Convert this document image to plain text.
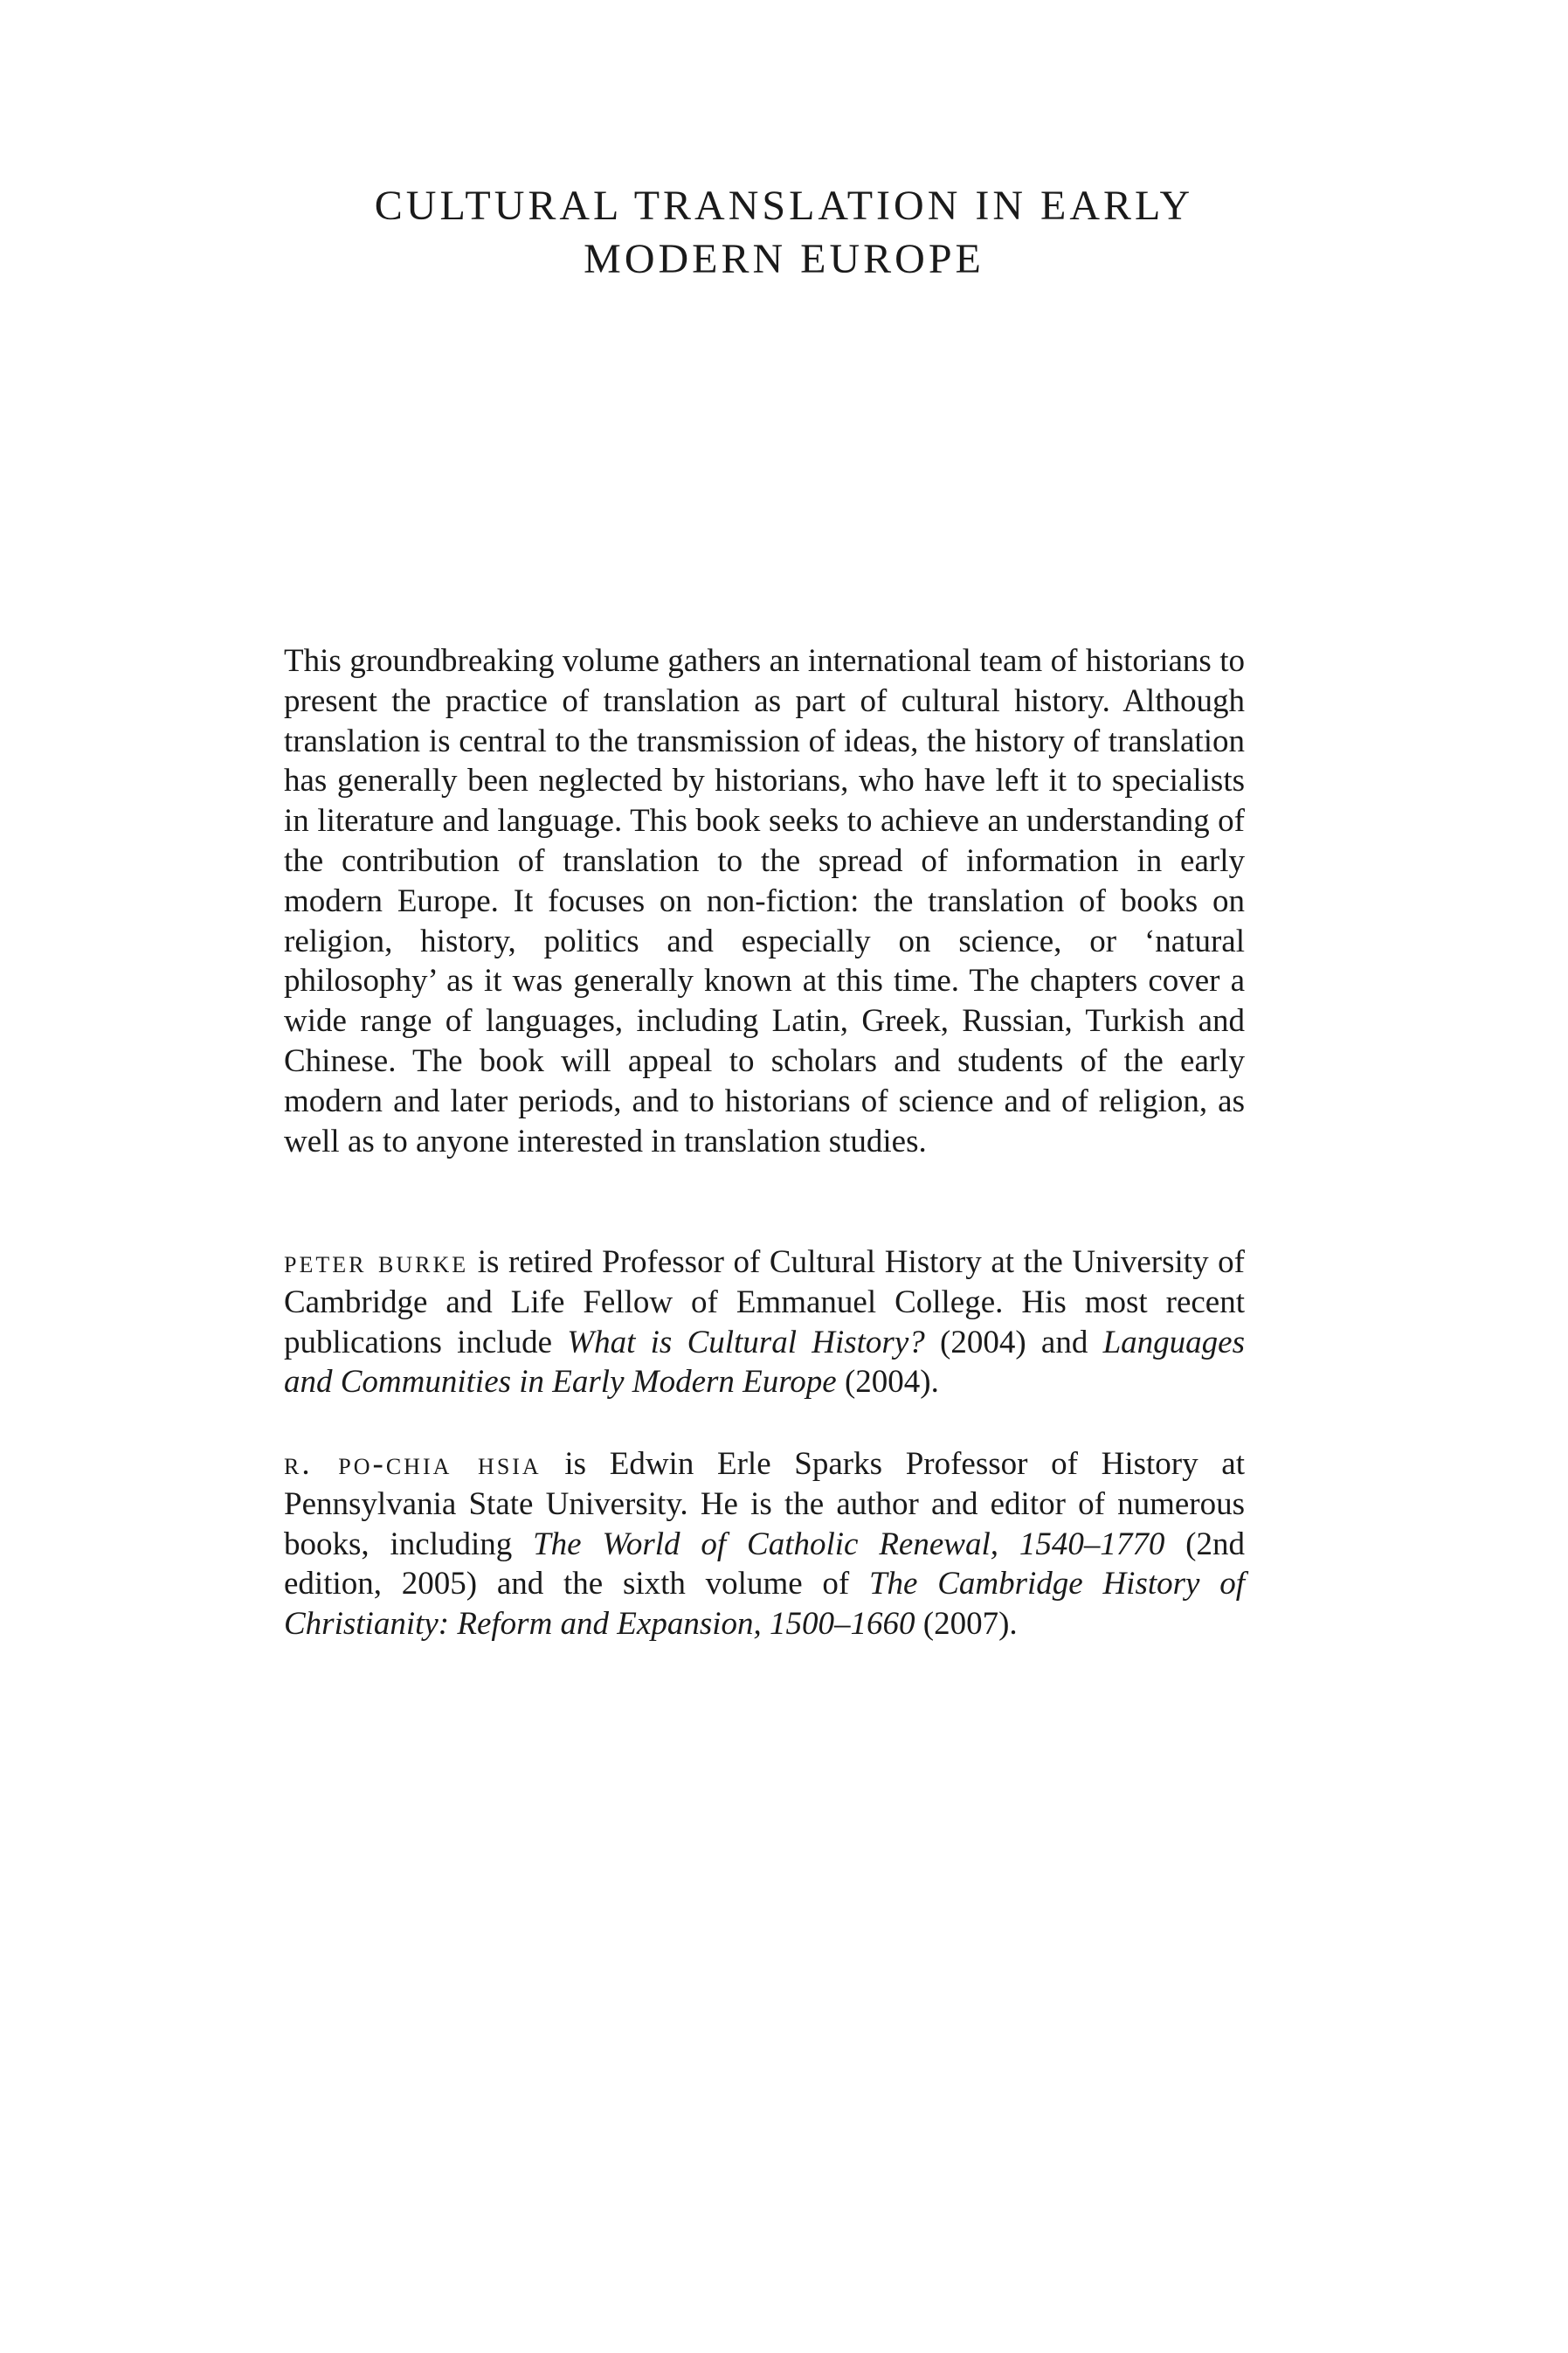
CULTURAL TRANSLATION IN EARLY
MODERN EUROPE

This groundbreaking volume gathers an international team of historians to present the practice of translation as part of cultural history. Although translation is central to the transmission of ideas, the history of translation has generally been neglected by historians, who have left it to specialists in literature and language. This book seeks to achieve an understanding of the contribution of translation to the spread of information in early modern Europe. It focuses on non-fiction: the translation of books on religion, history, politics and especially on science, or ‘natural philosophy’ as it was generally known at this time. The chapters cover a wide range of languages, including Latin, Greek, Russian, Turkish and Chinese. The book will appeal to scholars and students of the early modern and later periods, and to historians of science and of religion, as well as to anyone interested in translation studies.

peter burke is retired Professor of Cultural History at the University of Cambridge and Life Fellow of Emmanuel College. His most recent publications include What is Cultural History? (2004) and Languages and Communities in Early Modern Europe (2004).

r. po-chia hsia is Edwin Erle Sparks Professor of History at Pennsylvania State University. He is the author and editor of numerous books, including The World of Catholic Renewal, 1540–1770 (2nd edition, 2005) and the sixth volume of The Cambridge History of Christianity: Reform and Expansion, 1500–1660 (2007).
